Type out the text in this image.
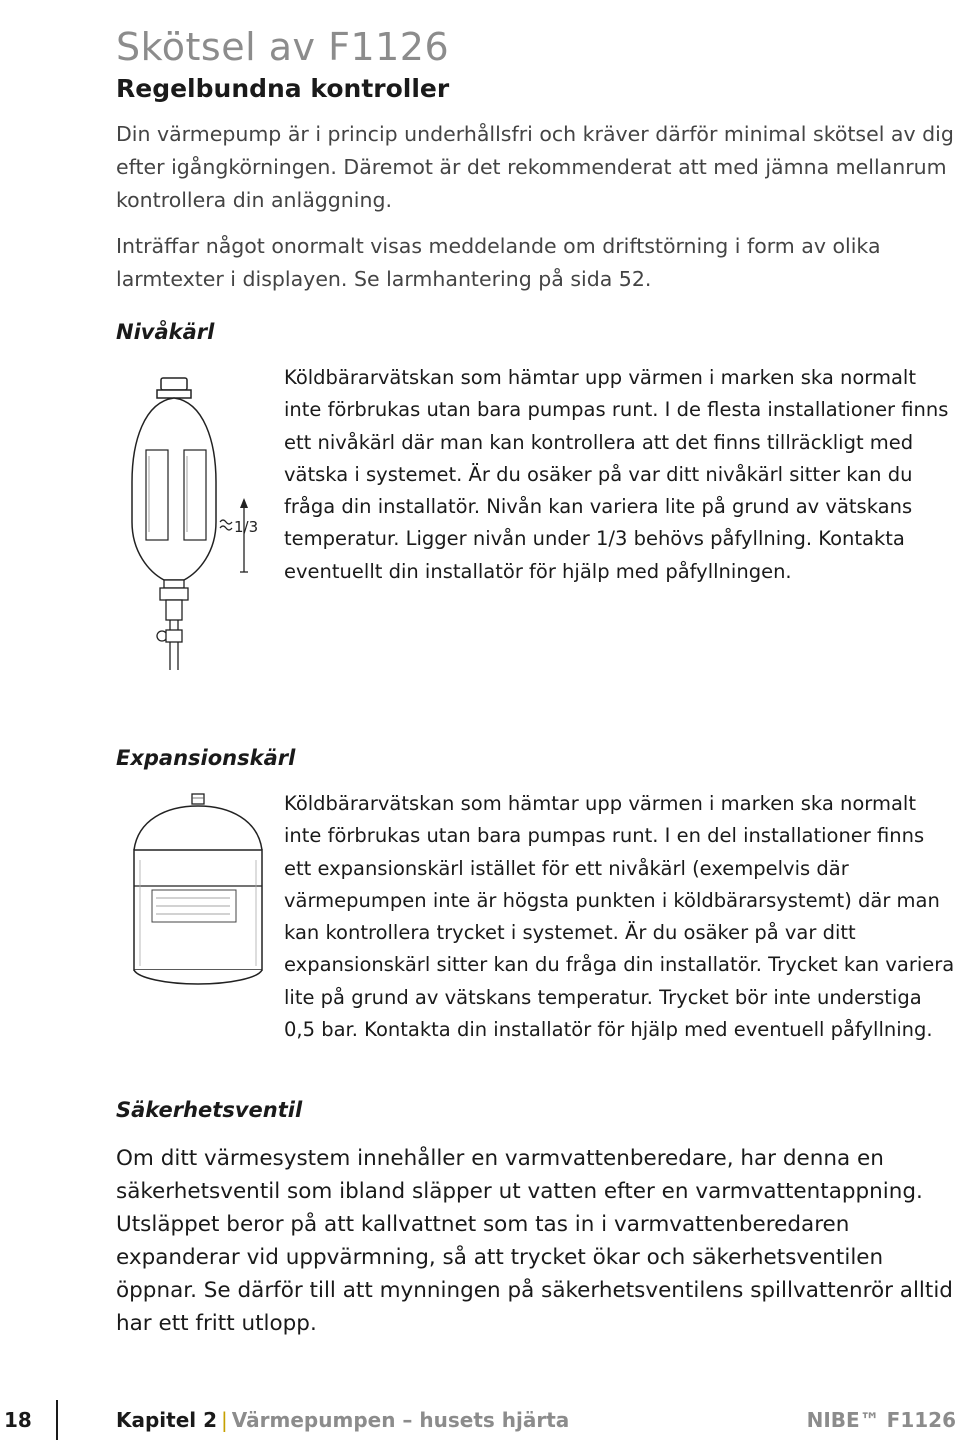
Skötsel av F1126
Regelbundna kontroller

Din värmepump är i princip underhållsfri och kräver därför minimal skötsel av dig efter igångkörningen. Däremot är det rekommenderat att med jämna mellanrum kontrollera din anläggning.

Inträffar något onormalt visas meddelande om driftstörning i form av olika larmtexter i displayen. Se larmhantering på sida 52.

Nivåkärl
1/3

Köldbärarvätskan som hämtar upp värmen i marken ska normalt inte förbrukas utan bara pumpas runt. I de flesta installationer finns ett nivåkärl där man kan kontrollera att det finns tillräckligt med vätska i systemet. Är du osäker på var ditt nivåkärl sitter kan du fråga din installatör. Nivån kan variera lite på grund av vätskans temperatur. Ligger nivån under 1/3 behövs påfyllning. Kontakta eventuellt din installatör för hjälp med påfyllningen.

Expansionskärl

Köldbärarvätskan som hämtar upp värmen i marken ska normalt inte förbrukas utan bara pumpas runt. I en del installationer finns ett expansionskärl istället för ett nivåkärl (exempelvis där värmepumpen inte är högsta punkten i köldbärarsystemt) där man kan kontrollera trycket i systemet. Är du osäker på var ditt expansionskärl sitter kan du fråga din installatör. Trycket kan variera lite på grund av vätskans temperatur. Trycket bör inte understiga 0,5 bar. Kontakta din installatör för hjälp med eventuell påfyllning.

Säkerhetsventil

Om ditt värmesystem innehåller en varmvattenberedare, har denna en säkerhetsventil som ibland släpper ut vatten efter en varmvattentappning. Utsläppet beror på att kallvattnet som tas in i varmvattenberedaren expanderar vid uppvärmning, så att trycket ökar och säkerhetsventilen öppnar. Se därför till att mynningen på säkerhetsventilens spillvattenrör alltid har ett fritt utlopp.

18	Kapitel 2 | Värmepumpen – husets hjärta	NIBE™ F1126
